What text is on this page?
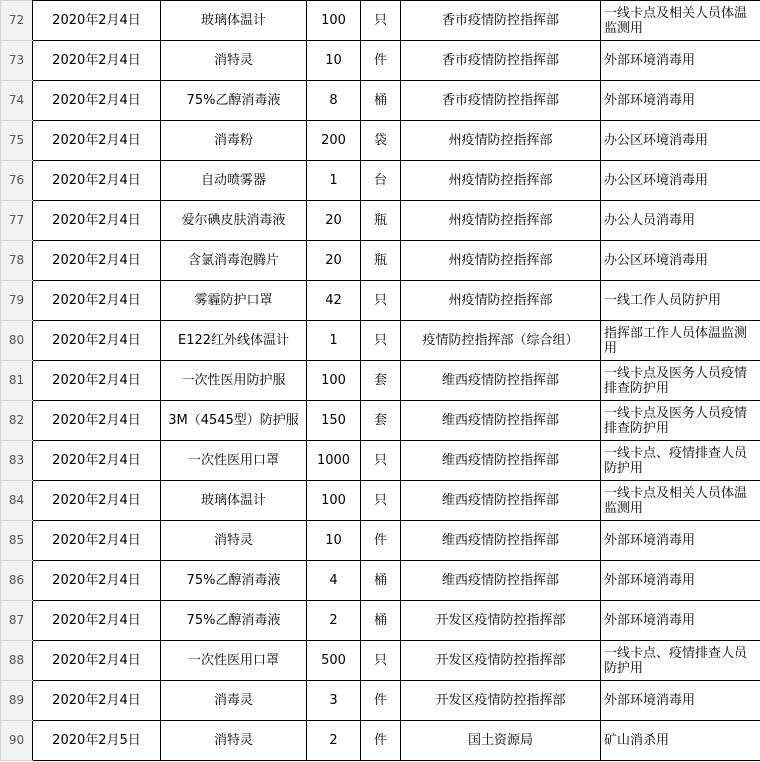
72	2020年2月4日	玻璃体温计	100	只	香市疫情防控指挥部	一线卡点及相关人员体温监测用
73	2020年2月4日	消特灵	10	件	香市疫情防控指挥部	外部环境消毒用
74	2020年2月4日	75%乙醇消毒液	8	桶	香市疫情防控指挥部	外部环境消毒用
75	2020年2月4日	消毒粉	200	袋	州疫情防控指挥部	办公区环境消毒用
76	2020年2月4日	自动喷雾器	1	台	州疫情防控指挥部	办公区环境消毒用
77	2020年2月4日	爱尔碘皮肤消毒液	20	瓶	州疫情防控指挥部	办公人员消毒用
78	2020年2月4日	含氯消毒泡腾片	20	瓶	州疫情防控指挥部	办公区环境消毒用
79	2020年2月4日	雾霾防护口罩	42	只	州疫情防控指挥部	一线工作人员防护用
80	2020年2月4日	E122红外线体温计	1	只	疫情防控指挥部（综合组）	指挥部工作人员体温监测用
81	2020年2月4日	一次性医用防护服	100	套	维西疫情防控指挥部	一线卡点及医务人员疫情排查防护用
82	2020年2月4日	3M（4545型）防护服	150	套	维西疫情防控指挥部	一线卡点及医务人员疫情排查防护用
83	2020年2月4日	一次性医用口罩	1000	只	维西疫情防控指挥部	一线卡点、疫情排查人员防护用
84	2020年2月4日	玻璃体温计	100	只	维西疫情防控指挥部	一线卡点及相关人员体温监测用
85	2020年2月4日	消特灵	10	件	维西疫情防控指挥部	外部环境消毒用
86	2020年2月4日	75%乙醇消毒液	4	桶	维西疫情防控指挥部	外部环境消毒用
87	2020年2月4日	75%乙醇消毒液	2	桶	开发区疫情防控指挥部	外部环境消毒用
88	2020年2月4日	一次性医用口罩	500	只	开发区疫情防控指挥部	一线卡点、疫情排查人员防护用
89	2020年2月4日	消毒灵	3	件	开发区疫情防控指挥部	外部环境消毒用
90	2020年2月5日	消特灵	2	件	国土资源局	矿山消杀用
